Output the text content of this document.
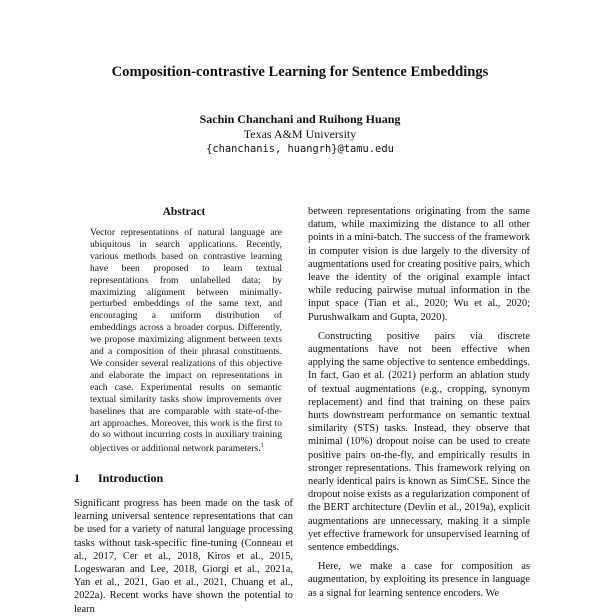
Composition-contrastive Learning for Sentence Embeddings
Sachin Chanchani and Ruihong Huang
Texas A&M University
{chanchanis, huangrh}@tamu.edu
Abstract
Vector representations of natural language are ubiquitous in search applications. Recently, various methods based on contrastive learning have been proposed to learn textual representations from unlabelled data; by maximizing alignment between minimally-perturbed embeddings of the same text, and encouraging a uniform distribution of embeddings across a broader corpus. Differently, we propose maximizing alignment between texts and a composition of their phrasal constituents. We consider several realizations of this objective and elaborate the impact on representations in each case. Experimental results on semantic textual similarity tasks show improvements over baselines that are comparable with state-of-the-art approaches. Moreover, this work is the first to do so without incurring costs in auxiliary training objectives or additional network parameters.$^1$
1 Introduction
Significant progress has been made on the task of learning universal sentence representations that can be used for a variety of natural language processing tasks without task-specific fine-tuning (Conneau et al., 2017, Cer et al., 2018, Kiros et al., 2015, Logeswaran and Lee, 2018, Giorgi et al., 2021a, Yan et al., 2021, Gao et al., 2021, Chuang et al., 2022a). Recent works have shown the potential to learn

between representations originating from the same datum, while maximizing the distance to all other points in a mini-batch. The success of the framework in computer vision is due largely to the diversity of augmentations used for creating positive pairs, which leave the identity of the original example intact while reducing pairwise mutual information in the input space (Tian et al., 2020; Wu et al., 2020; Purushwalkam and Gupta, 2020).

Constructing positive pairs via discrete augmentations have not been effective when applying the same objective to sentence embeddings. In fact, Gao et al. (2021) perform an ablation study of textual augmentations (e.g., cropping, synonym replacement) and find that training on these pairs hurts downstream performance on semantic textual similarity (STS) tasks. Instead, they observe that minimal (10%) dropout noise can be used to create positive pairs on-the-fly, and empirically results in stronger representations. This framework relying on nearly identical pairs is known as SimCSE. Since the dropout noise exists as a regularization component of the BERT architecture (Devlin et al., 2019a), explicit augmentations are unnecessary, making it a simple yet effective framework for unsupervised learning of sentence embeddings.

Here, we make a case for composition as augmentation, by exploiting its presence in language as a signal for learning sentence encoders. We
